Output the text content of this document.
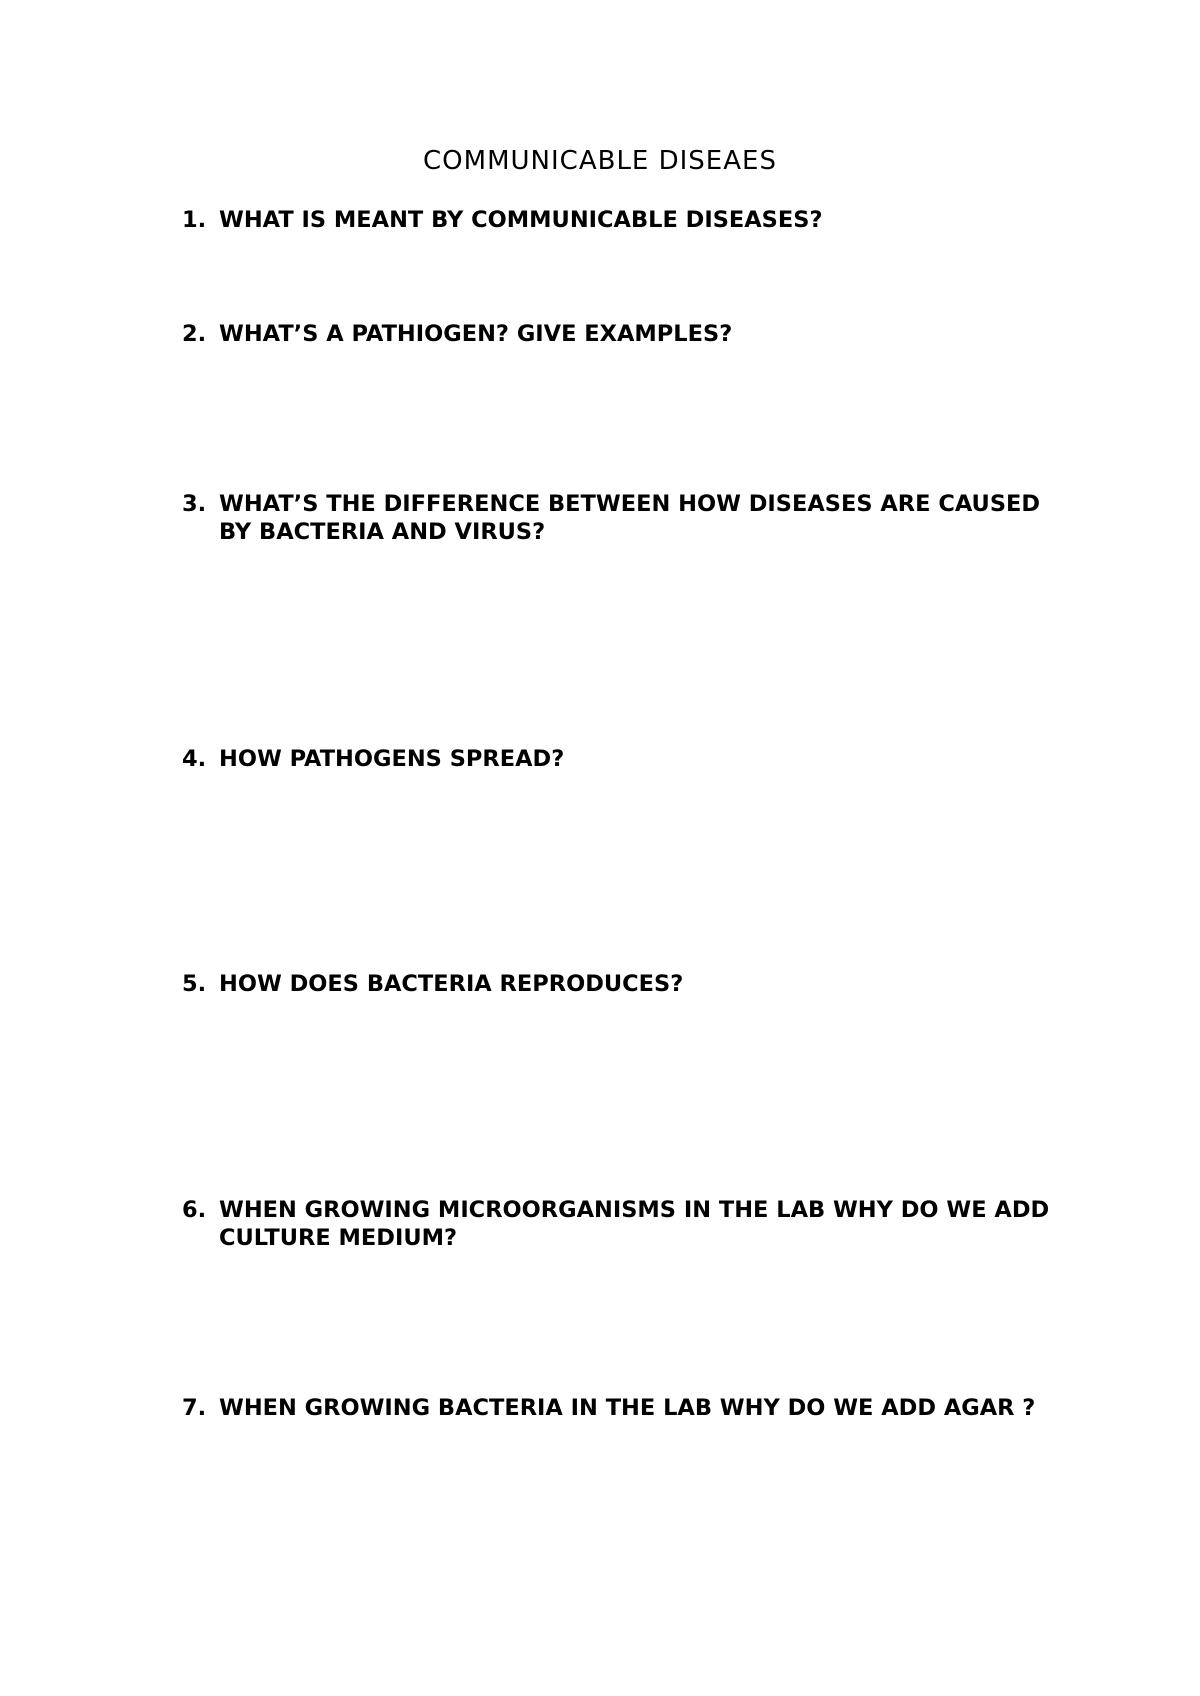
COMMUNICABLE DISEAES
1. WHAT IS MEANT BY COMMUNICABLE DISEASES?
2. WHAT’S A PATHIOGEN? GIVE EXAMPLES?
3. WHAT’S THE DIFFERENCE BETWEEN HOW DISEASES ARE CAUSED BY BACTERIA AND VIRUS?
4. HOW PATHOGENS SPREAD?
5. HOW DOES BACTERIA REPRODUCES?
6. WHEN GROWING MICROORGANISMS IN THE LAB WHY DO WE ADD CULTURE MEDIUM?
7. WHEN GROWING BACTERIA IN THE LAB WHY DO WE ADD AGAR ?
